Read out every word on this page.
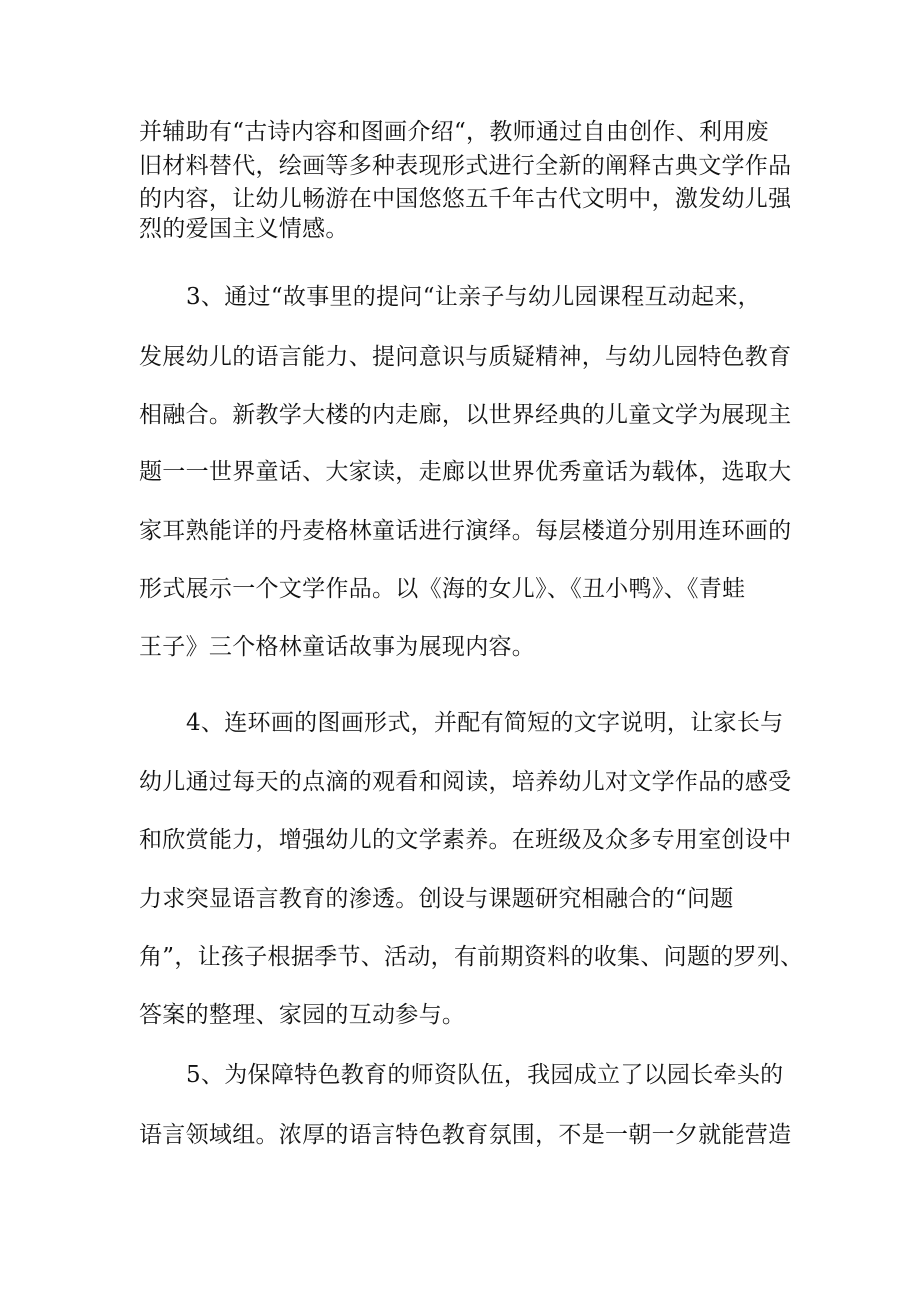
并辅助有“古诗内容和图画介绍“，教师通过自由创作、利用废

旧材料替代，绘画等多种表现形式进行全新的阐释古典文学作品

的内容，让幼儿畅游在中国悠悠五千年古代文明中，激发幼儿强

烈的爱国主义情感。

3、通过“故事里的提问“让亲子与幼儿园课程互动起来，

发展幼儿的语言能力、提问意识与质疑精神，与幼儿园特色教育

相融合。新教学大楼的内走廊，以世界经典的儿童文学为展现主

题一一世界童话、大家读，走廊以世界优秀童话为载体，选取大

家耳熟能详的丹麦格林童话进行演绎。每层楼道分别用连环画的

形式展示一个文学作品。以《海的女儿》、《丑小鸭》、《青蛙

王子》三个格林童话故事为展现内容。

4、连环画的图画形式，并配有简短的文字说明，让家长与

幼儿通过每天的点滴的观看和阅读，培养幼儿对文学作品的感受

和欣赏能力，增强幼儿的文学素养。在班级及众多专用室创设中

力求突显语言教育的渗透。创设与课题研究相融合的“问题

角”，让孩子根据季节、活动，有前期资料的收集、问题的罗列、

答案的整理、家园的互动参与。

5、为保障特色教育的师资队伍，我园成立了以园长牵头的

语言领域组。浓厚的语言特色教育氛围，不是一朝一夕就能营造
